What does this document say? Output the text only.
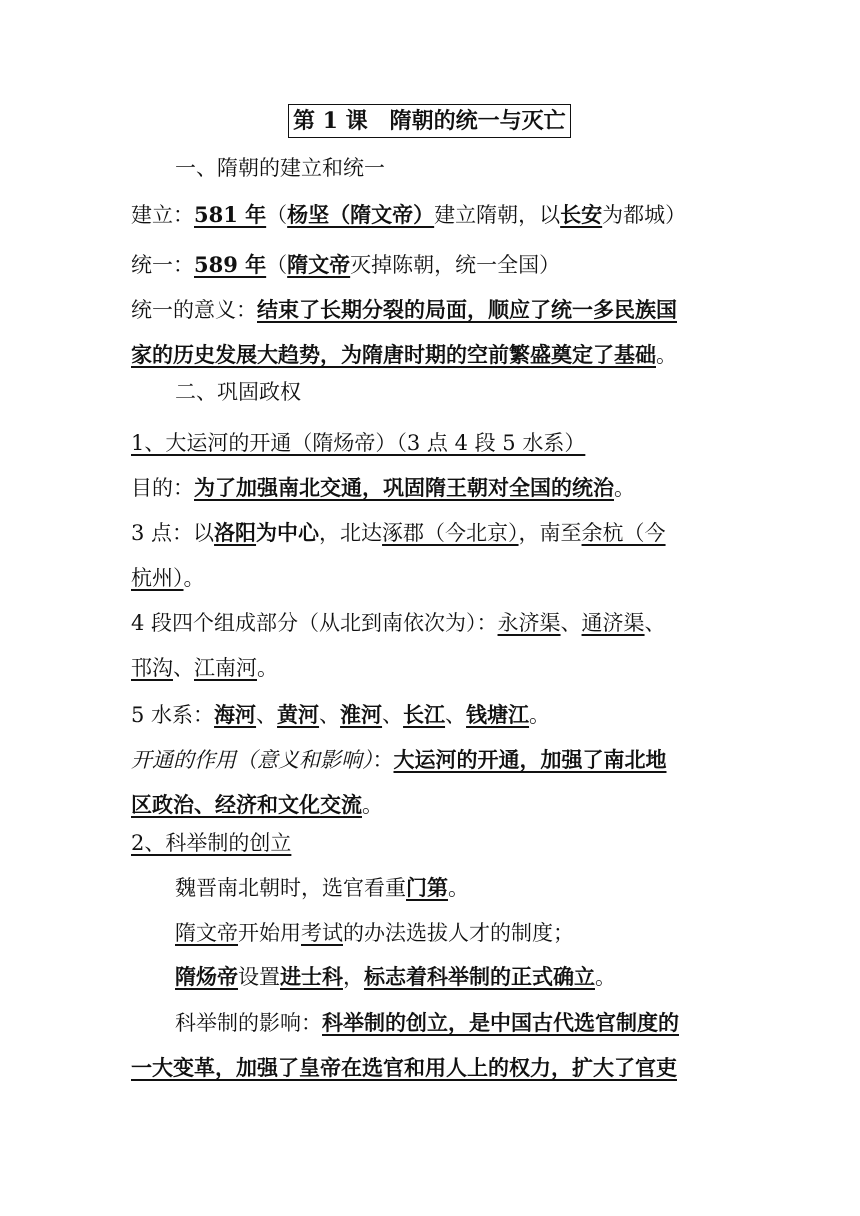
第 1 课　隋朝的统一与灭亡
一、隋朝的建立和统一
建立：581 年（杨坚（隋文帝）建立隋朝，以长安为都城）
统一：589 年（隋文帝灭掉陈朝，统一全国）
统一的意义：结束了长期分裂的局面，顺应了统一多民族国
家的历史发展大趋势，为隋唐时期的空前繁盛奠定了基础。
二、巩固政权
1、大运河的开通（隋炀帝）（3 点 4 段 5 水系）
目的：为了加强南北交通，巩固隋王朝对全国的统治。
3 点：以洛阳为中心，北达涿郡（今北京），南至余杭（今
杭州）。
4 段四个组成部分（从北到南依次为）：永济渠、通济渠、
邗沟、江南河。
5 水系：海河、黄河、淮河、长江、钱塘江。
开通的作用（意义和影响）：大运河的开通，加强了南北地
区政治、经济和文化交流。
2、科举制的创立
魏晋南北朝时，选官看重门第。
隋文帝开始用考试的办法选拔人才的制度；
隋炀帝设置进士科，标志着科举制的正式确立。
科举制的影响：科举制的创立，是中国古代选官制度的
一大变革，加强了皇帝在选官和用人上的权力，扩大了官吏
